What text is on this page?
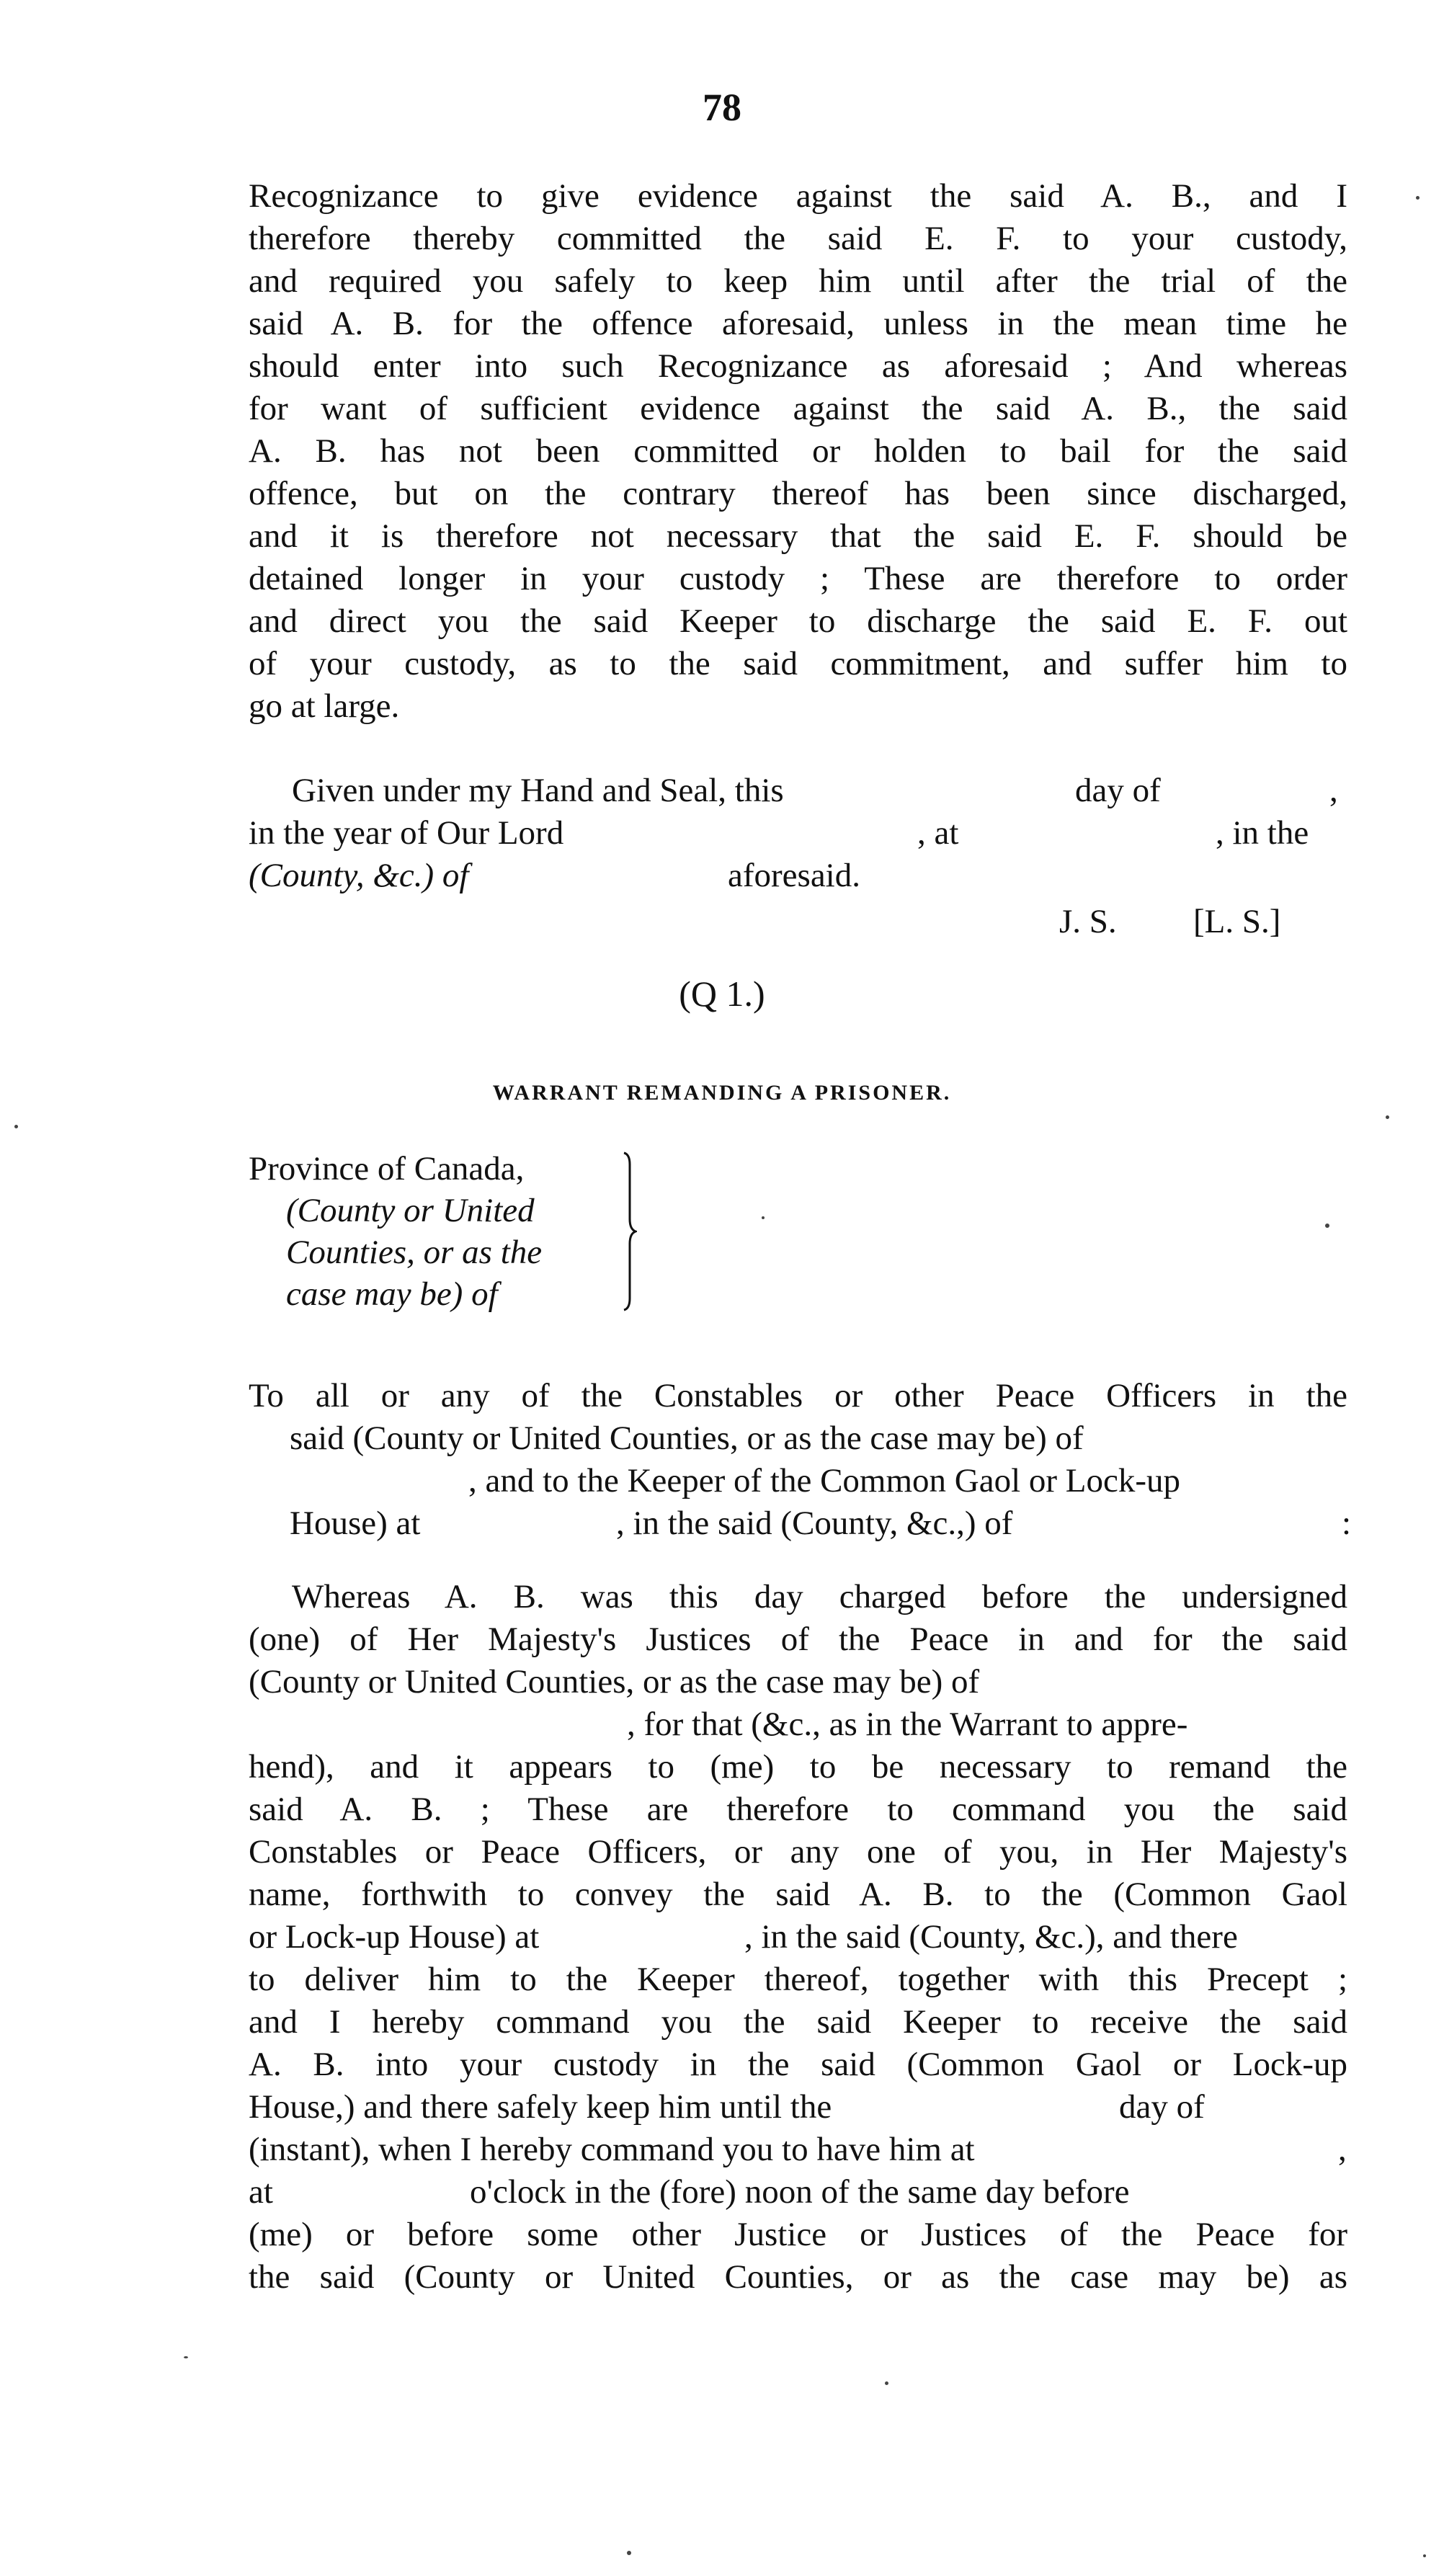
78

Recognizance to give evidence against the said A. B., and I

therefore thereby committed the said E. F. to your custody,

and required you safely to keep him until after the trial of the

said A. B. for the offence aforesaid, unless in the mean time he

should enter into such Recognizance as aforesaid ; And whereas

for want of sufficient evidence against the said A. B., the said

A. B. has not been committed or holden to bail for the said

offence, but on the contrary thereof has been since discharged,

and it is therefore not necessary that the said E. F. should be

detained longer in your custody ; These are therefore to order

and direct you the said Keeper to discharge the said E. F. out

of your custody, as to the said commitment, and suffer him to

go at large.

Given under my Hand and Seal, this	day of	,
in the year of Our Lord	, at	, in the
(County, &c.) of	aforesaid.
J. S. [L. S.]
(Q 1.)
WARRANT REMANDING A PRISONER.
Province of Canada,
(County or United
Counties, or as the
case may be) of

To all or any of the Constables or other Peace Officers in the

said (County or United Counties, or as the case may be) of

, and to the Keeper of the Common Gaol or Lock-up
House) at	, in the said (County, &c.,) of	:

Whereas A. B. was this day charged before the undersigned

(one) of Her Majesty's Justices of the Peace in and for the said

(County or United Counties, or as the case may be) of

, for that (&c., as in the Warrant to appre-

hend), and it appears to (me) to be necessary to remand the

said A. B. ; These are therefore to command you the said

Constables or Peace Officers, or any one of you, in Her Majesty's

name, forthwith to convey the said A. B. to the (Common Gaol

or Lock-up House) at	, in the said (County, &c.), and there

to deliver him to the Keeper thereof, together with this Precept ;

and I hereby command you the said Keeper to receive the said

A. B. into your custody in the said (Common Gaol or Lock-up

House,) and there safely keep him until the	day of
(instant), when I hereby command you to have him at	,
at	o'clock in the (fore) noon of the same day before

(me) or before some other Justice or Justices of the Peace for

the said (County or United Counties, or as the case may be) as
